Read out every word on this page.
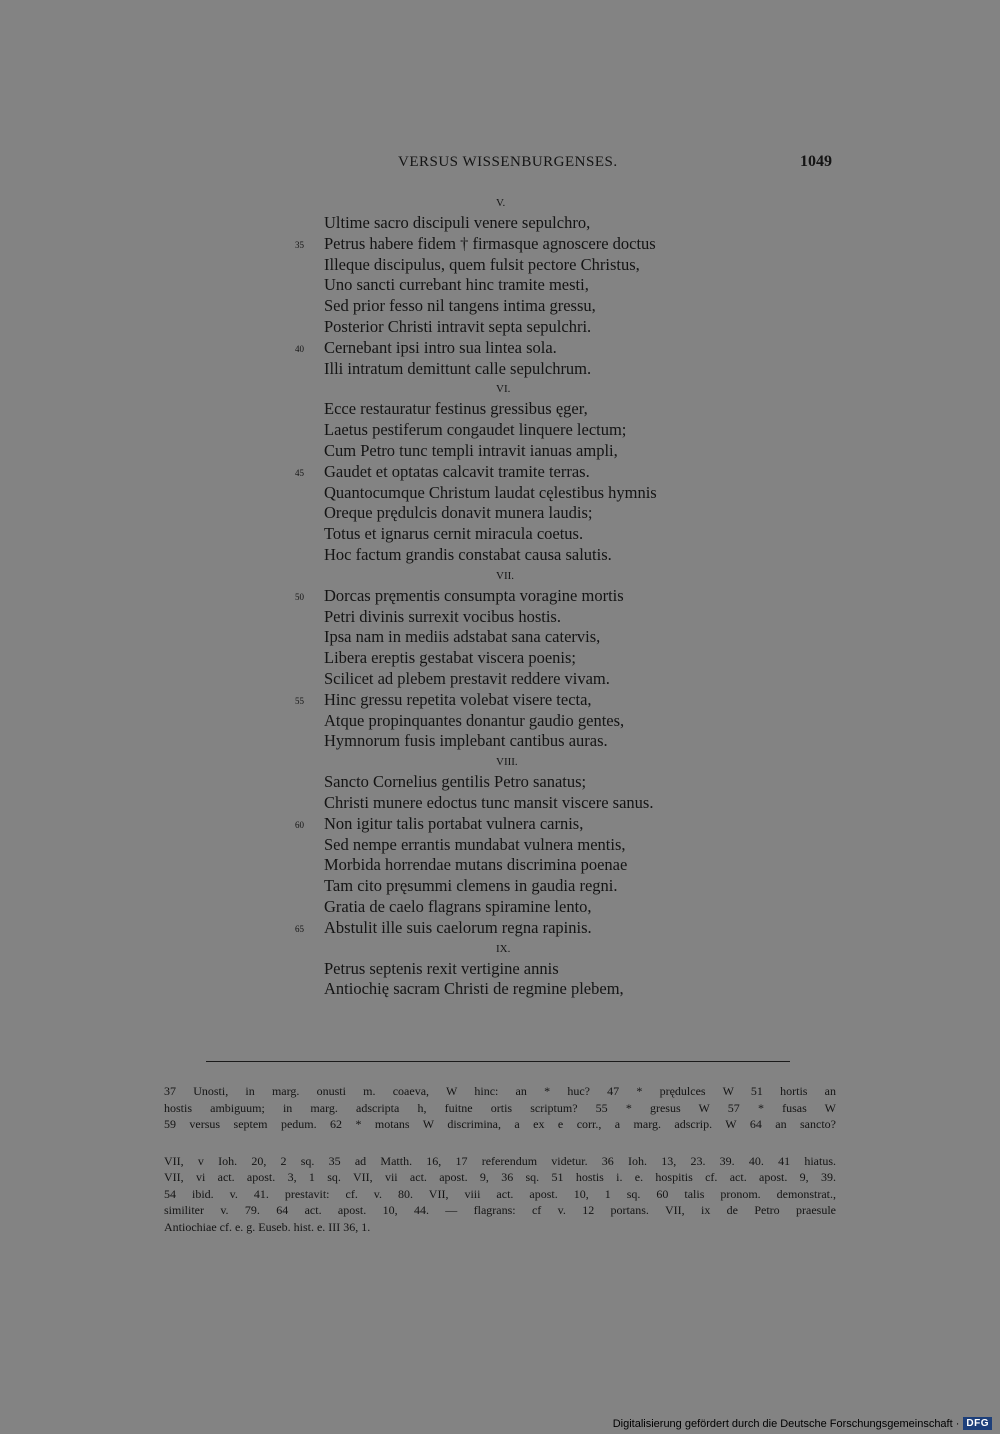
VERSUS WISSENBURGENSES.	1049
V.
Ultime sacro discipuli venere sepulchro,
35	Petrus habere fidem † firmasque agnoscere doctus
Illeque discipulus, quem fulsit pectore Christus,
Uno sancti currebant hinc tramite mesti,
Sed prior fesso nil tangens intima gressu,
Posterior Christi intravit septa sepulchri.
40	Cernebant ipsi intro sua lintea sola.
Illi intratum demittunt calle sepulchrum.
VI.
Ecce restauratur festinus gressibus ęger,
Laetus pestiferum congaudet linquere lectum;
Cum Petro tunc templi intravit ianuas ampli,
45	Gaudet et optatas calcavit tramite terras.
Quantocumque Christum laudat cęlestibus hymnis
Oreque prędulcis donavit munera laudis;
Totus et ignarus cernit miracula coetus.
Hoc factum grandis constabat causa salutis.
VII.
50	Dorcas pręmentis consumpta voragine mortis
Petri divinis surrexit vocibus hostis.
Ipsa nam in mediis adstabat sana catervis,
Libera ereptis gestabat viscera poenis;
Scilicet ad plebem prestavit reddere vivam.
55	Hinc gressu repetita volebat visere tecta,
Atque propinquantes donantur gaudio gentes,
Hymnorum fusis implebant cantibus auras.
VIII.
Sancto Cornelius gentilis Petro sanatus;
Christi munere edoctus tunc mansit viscere sanus.
60	Non igitur talis portabat vulnera carnis,
Sed nempe errantis mundabat vulnera mentis,
Morbida horrendae mutans discrimina poenae
Tam cito pręsummi clemens in gaudia regni.
Gratia de caelo flagrans spiramine lento,
65	Abstulit ille suis caelorum regna rapinis.
IX.
Petrus septenis rexit vertigine annis
Antiochię sacram Christi de regmine plebem,
37 Unosti, in marg. onusti m. coaeva, W hinc: an * huc? 47 * prędulces W 51 hortis an
hostis ambiguum; in marg. adscripta h, fuitne ortis scriptum? 55 * gresus W 57 * fusas W
59 versus septem pedum. 62 * motans W discrimina, a ex e corr., a marg. adscrip. W 64 an sancto?
VII, v Ioh. 20, 2 sq. 35 ad Matth. 16, 17 referendum videtur. 36 Ioh. 13, 23. 39. 40. 41 hiatus.
VII, vi act. apost. 3, 1 sq. VII, vii act. apost. 9, 36 sq. 51 hostis i. e. hospitis cf. act. apost. 9, 39.
54 ibid. v. 41. prestavit: cf. v. 80. VII, viii act. apost. 10, 1 sq. 60 talis pronom. demonstrat.,
similiter v. 79. 64 act. apost. 10, 44. — flagrans: cf v. 12 portans. VII, ix de Petro praesule
Antiochiae cf. e. g. Euseb. hist. e. III 36, 1.
Digitalisierung gefördert durch die Deutsche Forschungsgemeinschaft · DFG
